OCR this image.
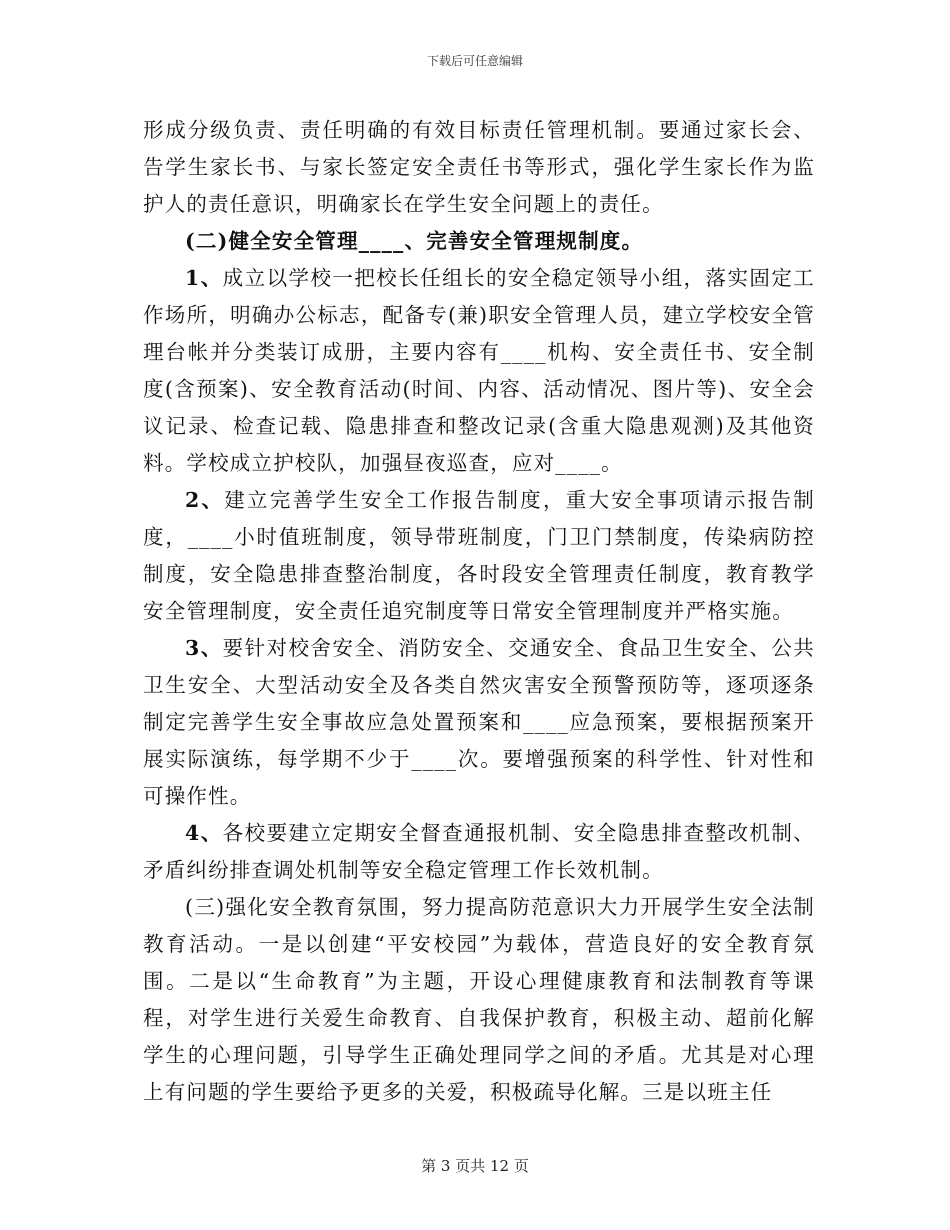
下载后可任意编辑

形成分级负责、责任明确的有效目标责任管理机制。要通过家长会、告学生家长书、与家长签定安全责任书等形式，强化学生家长作为监护人的责任意识，明确家长在学生安全问题上的责任。

(二)健全安全管理____、完善安全管理规制度。

1、成立以学校一把校长任组长的安全稳定领导小组，落实固定工作场所，明确办公标志，配备专(兼)职安全管理人员，建立学校安全管理台帐并分类装订成册，主要内容有____机构、安全责任书、安全制度(含预案)、安全教育活动(时间、内容、活动情况、图片等)、安全会议记录、检查记载、隐患排查和整改记录(含重大隐患观测)及其他资料。学校成立护校队，加强昼夜巡查，应对____。

2、建立完善学生安全工作报告制度，重大安全事项请示报告制度，____小时值班制度，领导带班制度，门卫门禁制度，传染病防控制度，安全隐患排查整治制度，各时段安全管理责任制度，教育教学安全管理制度，安全责任追究制度等日常安全管理制度并严格实施。

3、要针对校舍安全、消防安全、交通安全、食品卫生安全、公共卫生安全、大型活动安全及各类自然灾害安全预警预防等，逐项逐条制定完善学生安全事故应急处置预案和____应急预案，要根据预案开展实际演练，每学期不少于____次。要增强预案的科学性、针对性和可操作性。

4、各校要建立定期安全督查通报机制、安全隐患排查整改机制、矛盾纠纷排查调处机制等安全稳定管理工作长效机制。

(三)强化安全教育氛围，努力提高防范意识大力开展学生安全法制教育活动。一是以创建“平安校园”为载体，营造良好的安全教育氛围。二是以“生命教育”为主题，开设心理健康教育和法制教育等课程，对学生进行关爱生命教育、自我保护教育，积极主动、超前化解学生的心理问题，引导学生正确处理同学之间的矛盾。尤其是对心理上有问题的学生要给予更多的关爱，积极疏导化解。三是以班主任

第 3 页共 12 页
